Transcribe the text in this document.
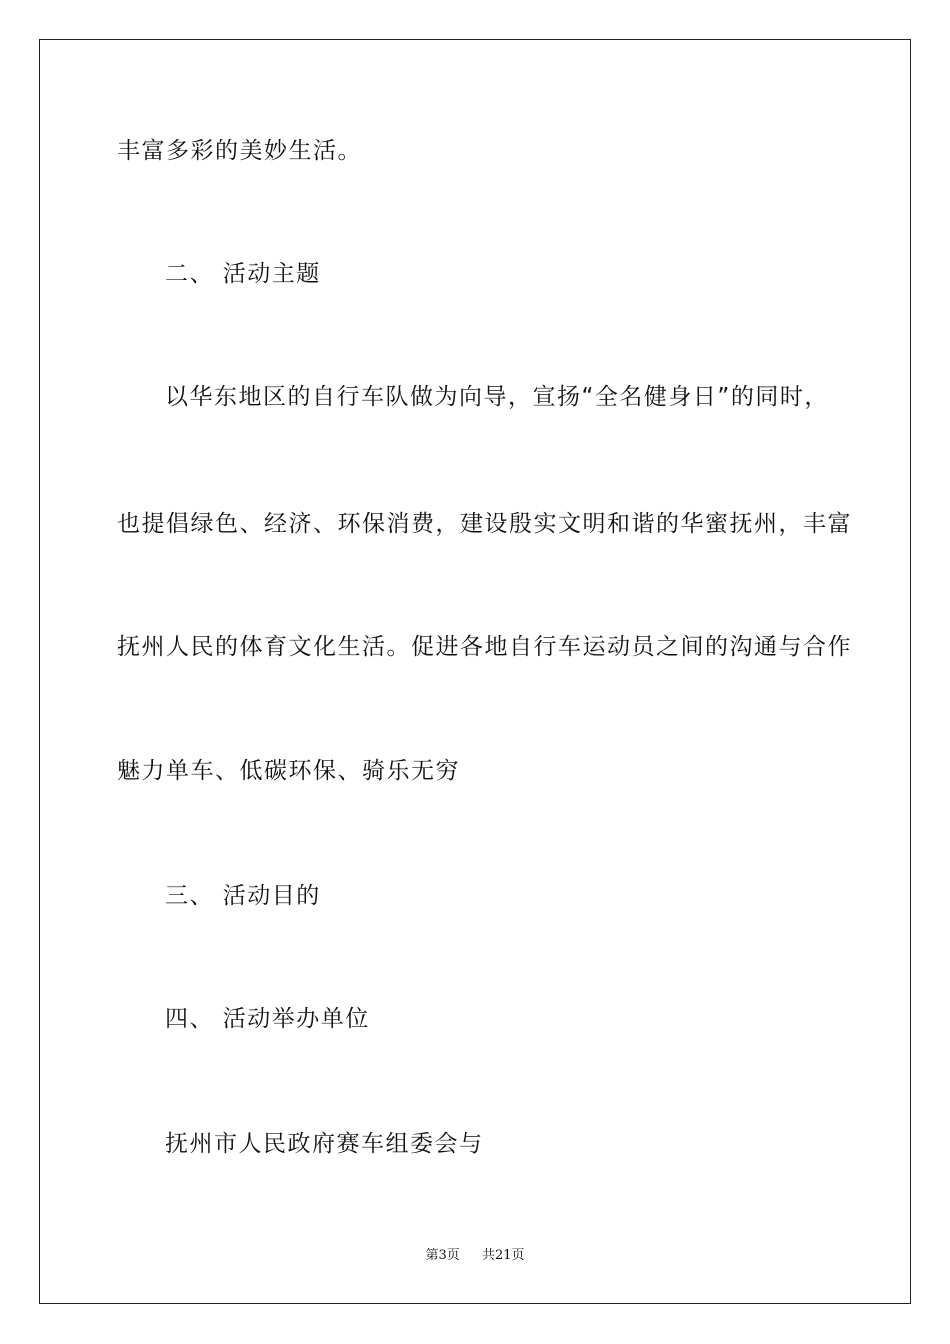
丰富多彩的美妙生活。
二、 活动主题
以华东地区的自行车队做为向导，宣扬“全名健身日”的同时，
也提倡绿色、经济、环保消费，建设殷实文明和谐的华蜜抚州，丰富
抚州人民的体育文化生活。促进各地自行车运动员之间的沟通与合作
魅力单车、低碳环保、骑乐无穷
三、 活动目的
四、 活动举办单位
抚州市人民政府赛车组委会与
第3页 共21页
